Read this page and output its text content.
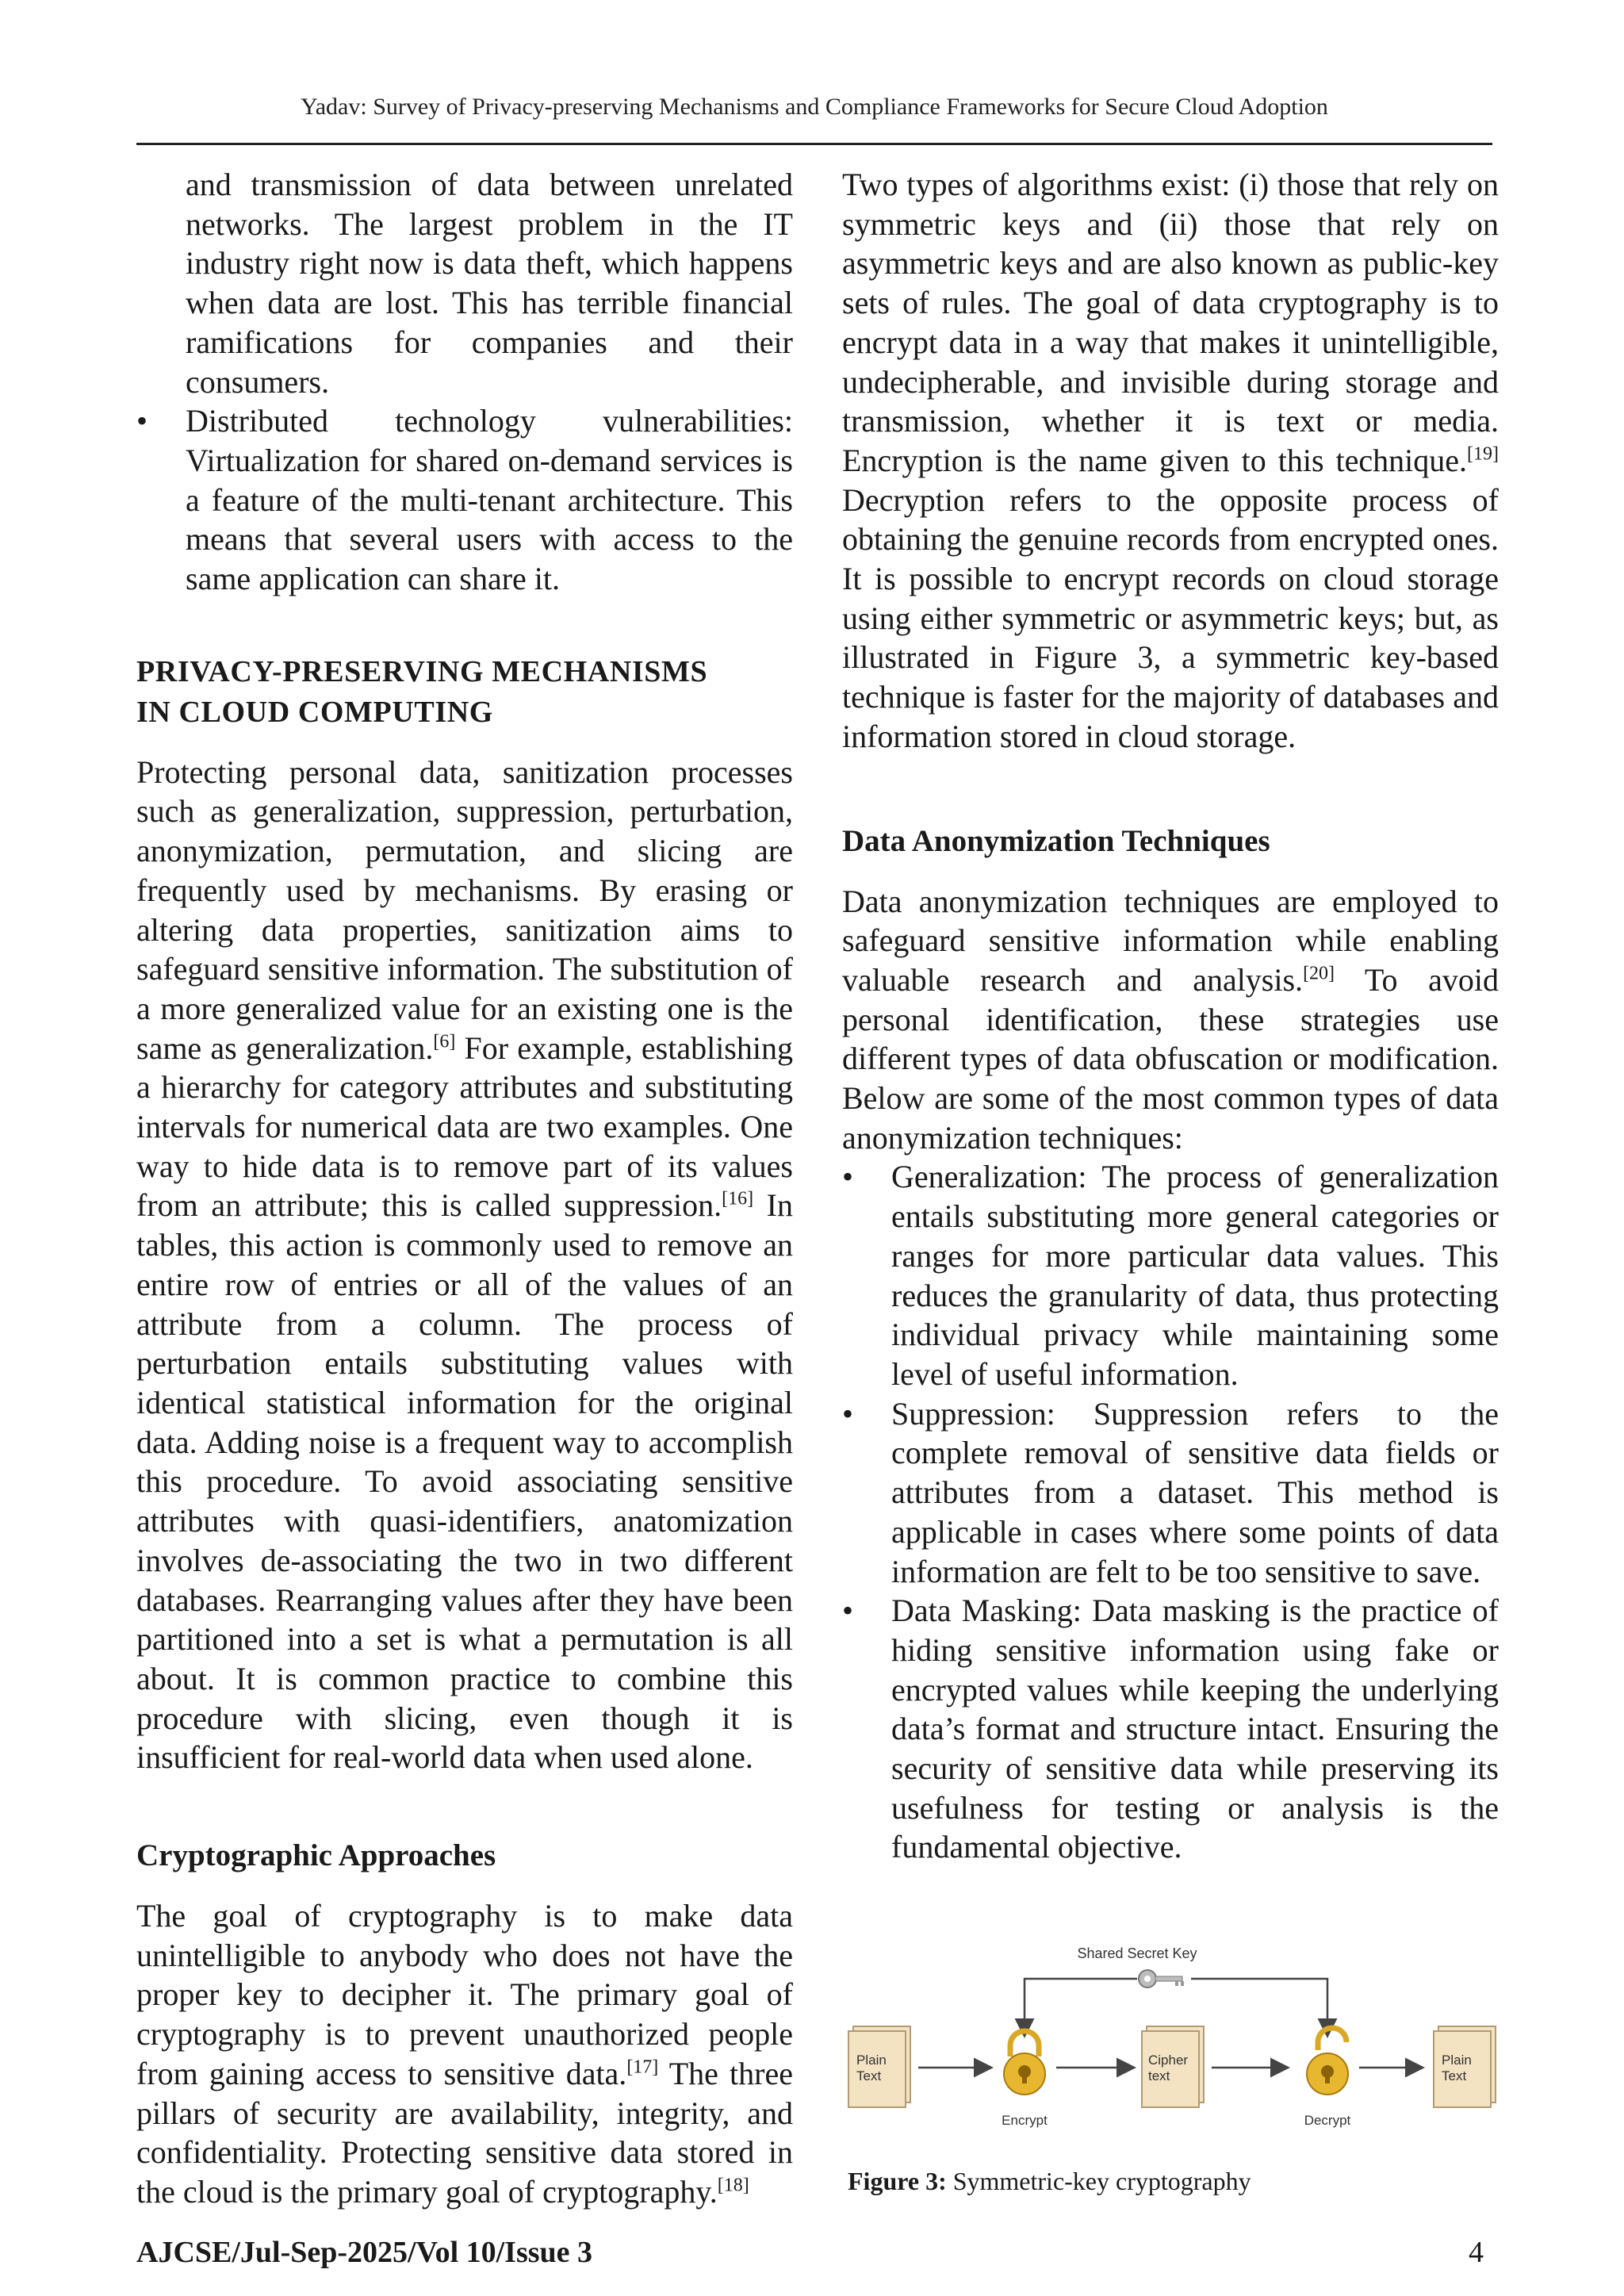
Yadav: Survey of Privacy-preserving Mechanisms and Compliance Frameworks for Secure Cloud Adoption

and transmission of data between unrelated networks. The largest problem in the IT industry right now is data theft, which happens when data are lost. This has terrible financial ramifications for companies and their consumers.

•	Distributed technology vulnerabilities: Virtualization for shared on-demand services is a feature of the multi-tenant architecture. This means that several users with access to the same application can share it.

PRIVACY-PRESERVING MECHANISMS
IN CLOUD COMPUTING

Protecting personal data, sanitization processes such as generalization, suppression, perturbation, anonymization, permutation, and slicing are frequently used by mechanisms. By erasing or altering data properties, sanitization aims to safeguard sensitive information. The substitution of a more generalized value for an existing one is the same as generalization.[6] For example, establishing a hierarchy for category attributes and substituting intervals for numerical data are two examples. One way to hide data is to remove part of its values from an attribute; this is called suppression.[16] In tables, this action is commonly used to remove an entire row of entries or all of the values of an attribute from a column. The process of perturbation entails substituting values with identical statistical information for the original data. Adding noise is a frequent way to accomplish this procedure. To avoid associating sensitive attributes with quasi-identifiers, anatomization involves de-associating the two in two different databases. Rearranging values after they have been partitioned into a set is what a permutation is all about. It is common practice to combine this procedure with slicing, even though it is insufficient for real-world data when used alone.

Cryptographic Approaches

The goal of cryptography is to make data unintelligible to anybody who does not have the proper key to decipher it. The primary goal of cryptography is to prevent unauthorized people from gaining access to sensitive data.[17] The three pillars of security are availability, integrity, and confidentiality. Protecting sensitive data stored in the cloud is the primary goal of cryptography.[18]

Two types of algorithms exist: (i) those that rely on symmetric keys and (ii) those that rely on asymmetric keys and are also known as public-key sets of rules. The goal of data cryptography is to encrypt data in a way that makes it unintelligible, undecipherable, and invisible during storage and transmission, whether it is text or media. Encryption is the name given to this technique.[19] Decryption refers to the opposite process of obtaining the genuine records from encrypted ones. It is possible to encrypt records on cloud storage using either symmetric or asymmetric keys; but, as illustrated in Figure 3, a symmetric key-based technique is faster for the majority of databases and information stored in cloud storage.

Data Anonymization Techniques

Data anonymization techniques are employed to safeguard sensitive information while enabling valuable research and analysis.[20] To avoid personal identification, these strategies use different types of data obfuscation or modification. Below are some of the most common types of data anonymization techniques:

•	Generalization: The process of generalization entails substituting more general categories or ranges for more particular data values. This reduces the granularity of data, thus protecting individual privacy while maintaining some level of useful information.

•	Suppression: Suppression refers to the complete removal of sensitive data fields or attributes from a dataset. This method is applicable in cases where some points of data information are felt to be too sensitive to save.

•	Data Masking: Data masking is the practice of hiding sensitive information using fake or encrypted values while keeping the underlying data’s format and structure intact. Ensuring the security of sensitive data while preserving its usefulness for testing or analysis is the fundamental objective.

Shared Secret Key
Plain
Text
Encrypt
Cipher
text
Decrypt
Plain
Text
Figure 3: Symmetric-key cryptography
AJCSE/Jul-Sep-2025/Vol 10/Issue 3	4
